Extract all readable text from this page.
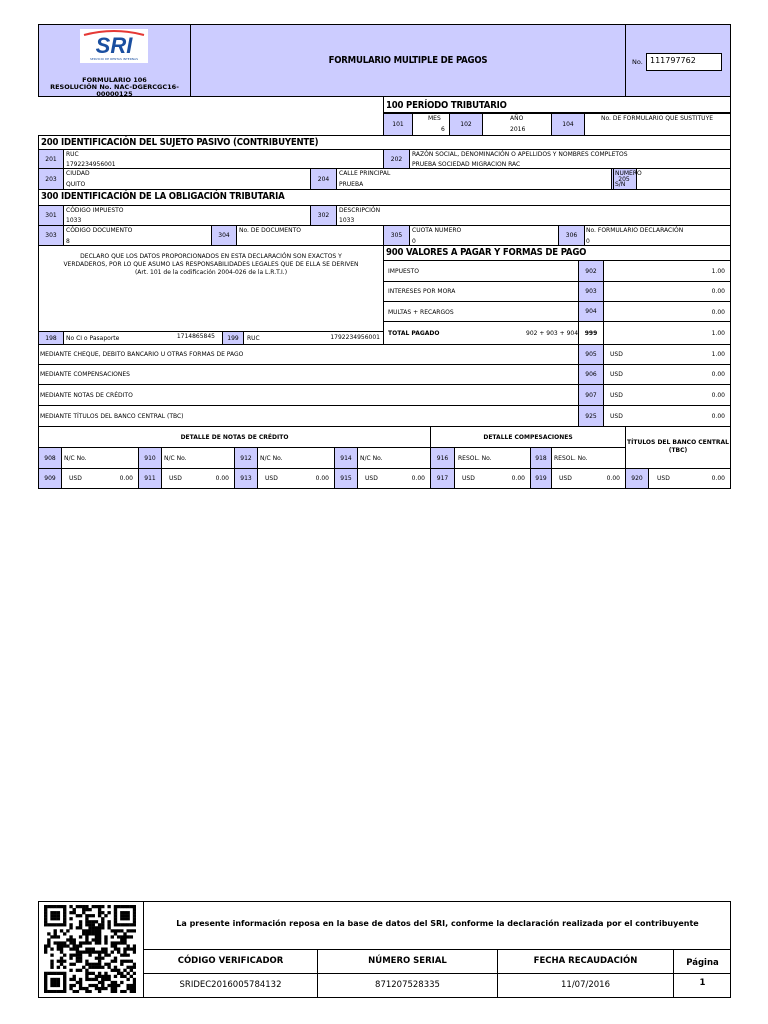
SRI
SERVICIO DE RENTAS INTERNAS
FORMULARIO 106
RESOLUCIÓN No. NAC-DGERCGC16-00000125
FORMULARIO MULTIPLE DE PAGOS	No. 111797762
100 PERÍODO TRIBUTARIO
101
MES
6
102
AÑO
2016
104
No. DE FORMULARIO QUE SUSTITUYE
200 IDENTIFICACIÓN DEL SUJETO PASIVO (CONTRIBUYENTE)
201
RUC
1792234956001
202
RAZÓN SOCIAL, DENOMINACIÓN O APELLIDOS Y NOMBRES COMPLETOS
PRUEBA SOCIEDAD MIGRACION RAC
203
CIUDAD
QUITO
204
CALLE PRINCIPAL
PRUEBA
205
NUMERO
S/N
300 IDENTIFICACIÓN DE LA OBLIGACIÓN TRIBUTARIA
301
CÓDIGO IMPUESTO
1033
302
DESCRIPCIÓN
1033
303
CÓDIGO DOCUMENTO
8
304
No. DE DOCUMENTO
305
CUOTA NUMERO
0
306
No. FORMULARIO DECLARACIÓN
0
DECLARO QUE LOS DATOS PROPORCIONADOS EN ESTA DECLARACIÓN SON EXACTOS Y
VERDADEROS, POR LO QUE ASUMO LAS RESPONSABILIDADES LEGALES QUE DE ELLA SE DERIVEN
(Art. 101 de la codificación 2004-026 de la L.R.T.I.)
198	No CI o Pasaporte	1714865845	199	RUC	1792234956001
900 VALORES A PAGAR Y FORMAS DE PAGO
IMPUESTO	902	1.00
INTERESES POR MORA	903	0.00
MULTAS + RECARGOS	904	0.00
TOTAL PAGADO	902 + 903 + 904	999	1.00
MEDIANTE CHEQUE, DEBITO BANCARIO U OTRAS FORMAS DE PAGO	905	USD	1.00
MEDIANTE COMPENSACIONES	906	USD	0.00
MEDIANTE NOTAS DE CRÉDITO	907	USD	0.00
MEDIANTE TÍTULOS DEL BANCO CENTRAL (TBC)	925	USD	0.00
DETALLE DE NOTAS DE CRÉDITO	DETALLE COMPESACIONES
TÍTULOS DEL BANCO CENTRAL (TBC)
908	N/C No.	910	N/C No.	912	N/C No.	914	N/C No.	916	RESOL. No.	918	RESOL. No.
909	USD	0.00	911	USD	0.00	913	USD	0.00	915	USD	0.00	917	USD	0.00	919	USD	0.00	920	USD	0.00
La presente información reposa en la base de datos del SRI, conforme la declaración realizada por el contribuyente
CÓDIGO VERIFICADOR	NÚMERO SERIAL	FECHA RECAUDACIÓN	Página
SRIDEC2016005784132	871207528335	11/07/2016	1
